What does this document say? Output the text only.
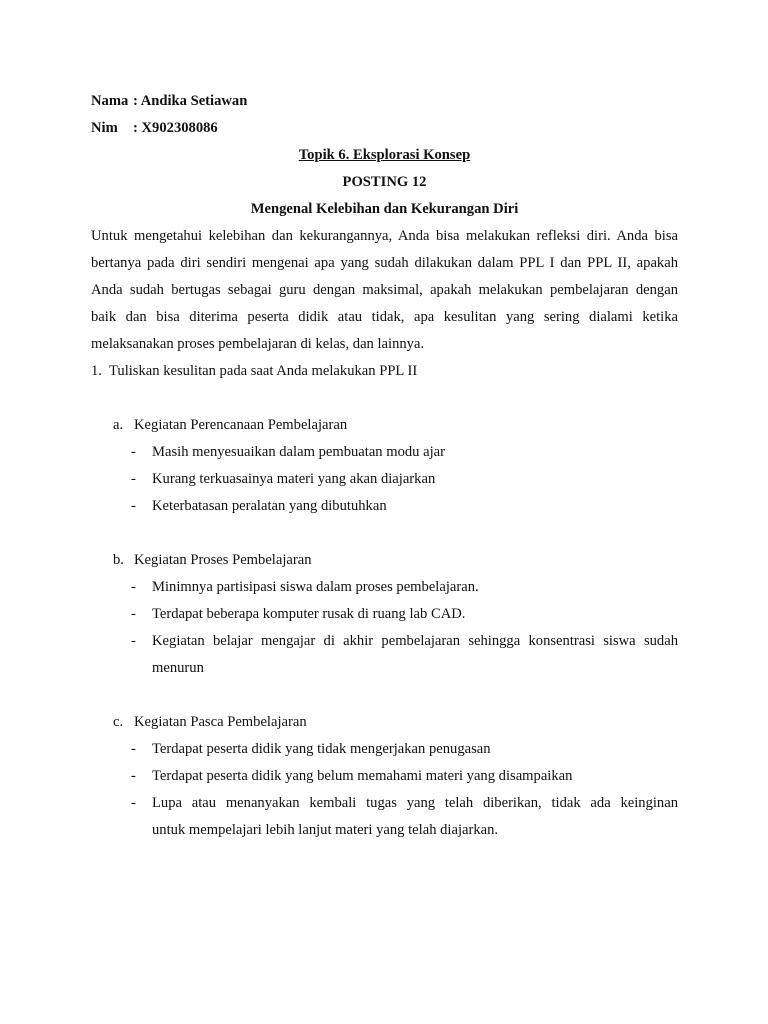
Nama : Andika Setiawan
Nim	: X902308086
Topik 6. Eksplorasi Konsep
POSTING 12
Mengenal Kelebihan dan Kekurangan Diri
Untuk mengetahui kelebihan dan kekurangannya, Anda bisa melakukan refleksi diri. Anda bisa
bertanya pada diri sendiri mengenai apa yang sudah dilakukan dalam PPL I dan PPL II, apakah
Anda sudah bertugas sebagai guru dengan maksimal, apakah melakukan pembelajaran dengan
baik dan bisa diterima peserta didik atau tidak, apa kesulitan yang sering dialami ketika
melaksanakan proses pembelajaran di kelas, dan lainnya.
1. Tuliskan kesulitan pada saat Anda melakukan PPL II
a. Kegiatan Perencanaan Pembelajaran
-	Masih menyesuaikan dalam pembuatan modu ajar
-	Kurang terkuasainya materi yang akan diajarkan
-	Keterbatasan peralatan yang dibutuhkan
b. Kegiatan Proses Pembelajaran
-	Minimnya partisipasi siswa dalam proses pembelajaran.
-	Terdapat beberapa komputer rusak di ruang lab CAD.
-	Kegiatan belajar mengajar di akhir pembelajaran sehingga konsentrasi siswa sudah
menurun
c. Kegiatan Pasca Pembelajaran
-	Terdapat peserta didik yang tidak mengerjakan penugasan
-	Terdapat peserta didik yang belum memahami materi yang disampaikan
-	Lupa atau menanyakan kembali tugas yang telah diberikan, tidak ada keinginan
untuk mempelajari lebih lanjut materi yang telah diajarkan.
